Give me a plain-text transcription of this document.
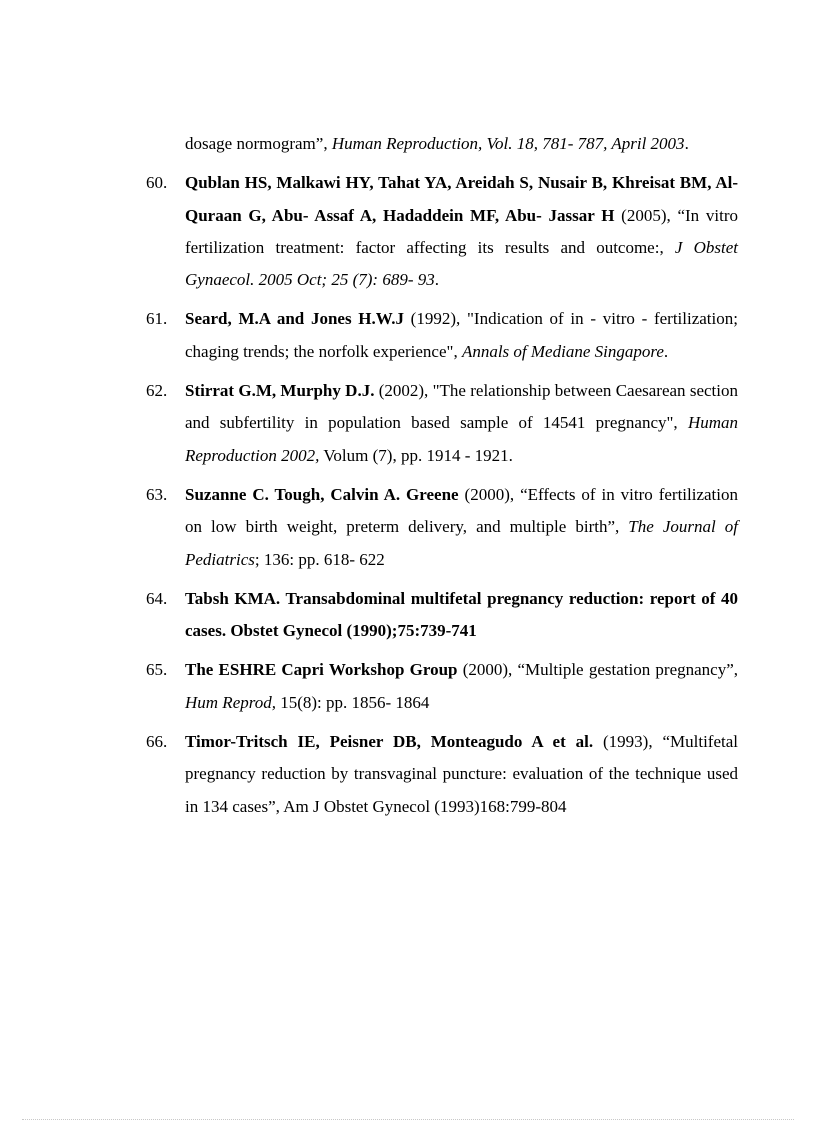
dosage normogram”, Human Reproduction, Vol. 18, 781- 787, April 2003.
60.	Qublan HS, Malkawi HY, Tahat YA, Areidah S, Nusair B, Khreisat BM, Al- Quraan G, Abu- Assaf A, Hadaddein MF, Abu- Jassar H (2005), “In vitro fertilization treatment: factor affecting its results and outcome:, J Obstet Gynaecol. 2005 Oct; 25 (7): 689- 93.
61.	Seard, M.A and Jones H.W.J (1992), "Indication of in - vitro - fertilization; chaging trends; the norfolk experience", Annals of Mediane Singapore.
62.	Stirrat G.M, Murphy D.J. (2002), "The relationship between Caesarean section and subfertility in population based sample of 14541 pregnancy", Human Reproduction 2002, Volum (7), pp. 1914 - 1921.
63.	Suzanne C. Tough, Calvin A. Greene (2000), “Effects of in vitro fertilization on low birth weight, preterm delivery, and multiple birth”, The Journal of Pediatrics; 136: pp. 618- 622
64.	Tabsh KMA. Transabdominal multifetal pregnancy reduction: report of 40 cases. Obstet Gynecol (1990);75:739-741
65.	The ESHRE Capri Workshop Group (2000), “Multiple gestation pregnancy”, Hum Reprod, 15(8): pp. 1856- 1864
66.	Timor-Tritsch IE, Peisner DB, Monteagudo A et al. (1993), “Multifetal pregnancy reduction by transvaginal puncture: evaluation of the technique used in 134 cases”, Am J Obstet Gynecol (1993)168:799-804
